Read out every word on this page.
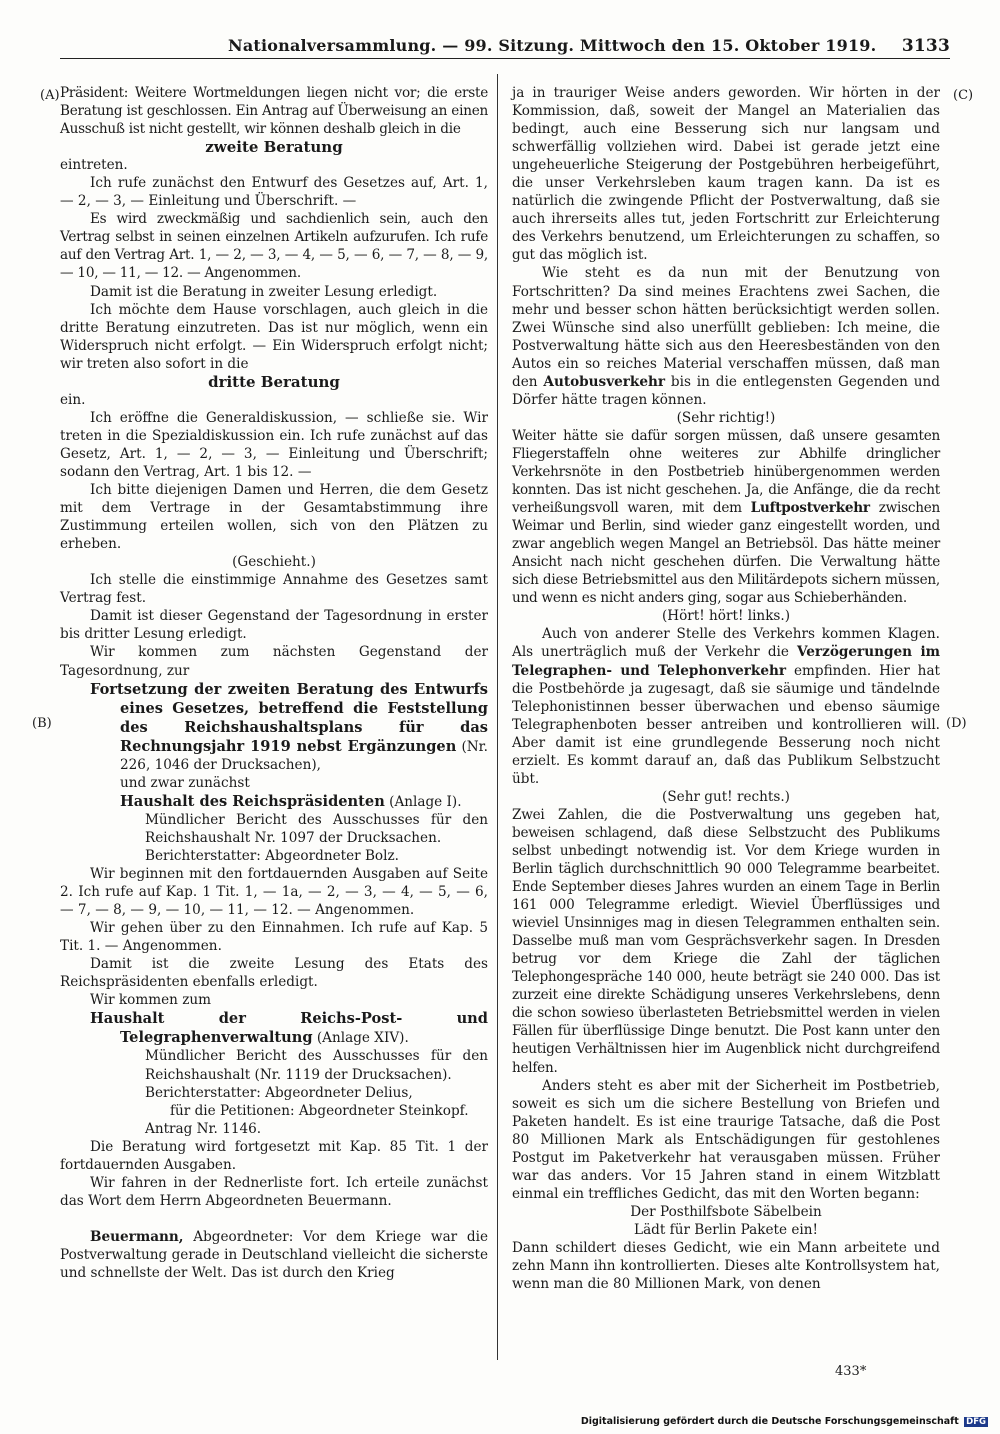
Nationalversammlung. — 99. Sitzung. Mittwoch den 15. Oktober 1919. 3133
(A)
(B)
(C)
(D)

Präsident: Weitere Wortmeldungen liegen nicht vor; die erste Beratung ist geschlossen. Ein Antrag auf Überweisung an einen Ausschuß ist nicht gestellt, wir können deshalb gleich in die

zweite Beratung

eintreten.

Ich rufe zunächst den Entwurf des Gesetzes auf, Art. 1, — 2, — 3, — Einleitung und Überschrift. —

Es wird zweckmäßig und sachdienlich sein, auch den Vertrag selbst in seinen einzelnen Artikeln aufzurufen. Ich rufe auf den Vertrag Art. 1, — 2, — 3, — 4, — 5, — 6, — 7, — 8, — 9, — 10, — 11, — 12. — Angenommen.

Damit ist die Beratung in zweiter Lesung erledigt.

Ich möchte dem Hause vorschlagen, auch gleich in die dritte Beratung einzutreten. Das ist nur möglich, wenn ein Widerspruch nicht erfolgt. — Ein Widerspruch erfolgt nicht; wir treten also sofort in die

dritte Beratung

ein.

Ich eröffne die Generaldiskussion, — schließe sie. Wir treten in die Spezialdiskussion ein. Ich rufe zunächst auf das Gesetz, Art. 1, — 2, — 3, — Einleitung und Überschrift; sodann den Vertrag, Art. 1 bis 12. —

Ich bitte diejenigen Damen und Herren, die dem Gesetz mit dem Vertrage in der Gesamtabstimmung ihre Zustimmung erteilen wollen, sich von den Plätzen zu erheben.

(Geschieht.)

Ich stelle die einstimmige Annahme des Gesetzes samt Vertrag fest.

Damit ist dieser Gegenstand der Tagesordnung in erster bis dritter Lesung erledigt.

Wir kommen zum nächsten Gegenstand der Tagesordnung, zur

Fortsetzung der zweiten Beratung des Entwurfs eines Gesetzes, betreffend die Feststellung des Reichshaushaltsplans für das Rechnungsjahr 1919 nebst Ergänzungen (Nr. 226, 1046 der Drucksachen),

und zwar zunächst

Haushalt des Reichspräsidenten (Anlage I).

Mündlicher Bericht des Ausschusses für den Reichshaushalt Nr. 1097 der Drucksachen.

Berichterstatter: Abgeordneter Bolz.

Wir beginnen mit den fortdauernden Ausgaben auf Seite 2. Ich rufe auf Kap. 1 Tit. 1, — 1a, — 2, — 3, — 4, — 5, — 6, — 7, — 8, — 9, — 10, — 11, — 12. — Angenommen.

Wir gehen über zu den Einnahmen. Ich rufe auf Kap. 5 Tit. 1. — Angenommen.

Damit ist die zweite Lesung des Etats des Reichspräsidenten ebenfalls erledigt.

Wir kommen zum

Haushalt der Reichs-Post- und Telegraphenverwaltung (Anlage XIV).

Mündlicher Bericht des Ausschusses für den Reichshaushalt (Nr. 1119 der Drucksachen).

Berichterstatter: Abgeordneter Delius,

für die Petitionen: Abgeordneter Steinkopf.

Antrag Nr. 1146.

Die Beratung wird fortgesetzt mit Kap. 85 Tit. 1 der fortdauernden Ausgaben.

Wir fahren in der Rednerliste fort. Ich erteile zunächst das Wort dem Herrn Abgeordneten Beuermann.

Beuermann, Abgeordneter: Vor dem Kriege war die Postverwaltung gerade in Deutschland vielleicht die sicherste und schnellste der Welt. Das ist durch den Krieg

ja in trauriger Weise anders geworden. Wir hörten in der Kommission, daß, soweit der Mangel an Materialien das bedingt, auch eine Besserung sich nur langsam und schwerfällig vollziehen wird. Dabei ist gerade jetzt eine ungeheuerliche Steigerung der Postgebühren herbeigeführt, die unser Verkehrsleben kaum tragen kann. Da ist es natürlich die zwingende Pflicht der Postverwaltung, daß sie auch ihrerseits alles tut, jeden Fortschritt zur Erleichterung des Verkehrs benutzend, um Erleichterungen zu schaffen, so gut das möglich ist.

Wie steht es da nun mit der Benutzung von Fortschritten? Da sind meines Erachtens zwei Sachen, die mehr und besser schon hätten berücksichtigt werden sollen. Zwei Wünsche sind also unerfüllt geblieben: Ich meine, die Postverwaltung hätte sich aus den Heeresbeständen von den Autos ein so reiches Material verschaffen müssen, daß man den Autobusverkehr bis in die entlegensten Gegenden und Dörfer hätte tragen können.

(Sehr richtig!)

Weiter hätte sie dafür sorgen müssen, daß unsere gesamten Fliegerstaffeln ohne weiteres zur Abhilfe dringlicher Verkehrsnöte in den Postbetrieb hinübergenommen werden konnten. Das ist nicht geschehen. Ja, die Anfänge, die da recht verheißungsvoll waren, mit dem Luftpostverkehr zwischen Weimar und Berlin, sind wieder ganz eingestellt worden, und zwar angeblich wegen Mangel an Betriebsöl. Das hätte meiner Ansicht nach nicht geschehen dürfen. Die Verwaltung hätte sich diese Betriebsmittel aus den Militärdepots sichern müssen, und wenn es nicht anders ging, sogar aus Schieberhänden.

(Hört! hört! links.)

Auch von anderer Stelle des Verkehrs kommen Klagen. Als unerträglich muß der Verkehr die Verzögerungen im Telegraphen- und Telephonverkehr empfinden. Hier hat die Postbehörde ja zugesagt, daß sie säumige und tändelnde Telephonistinnen besser überwachen und ebenso säumige Telegraphenboten besser antreiben und kontrollieren will. Aber damit ist eine grundlegende Besserung noch nicht erzielt. Es kommt darauf an, daß das Publikum Selbstzucht übt.

(Sehr gut! rechts.)

Zwei Zahlen, die die Postverwaltung uns gegeben hat, beweisen schlagend, daß diese Selbstzucht des Publikums selbst unbedingt notwendig ist. Vor dem Kriege wurden in Berlin täglich durchschnittlich 90 000 Telegramme bearbeitet. Ende September dieses Jahres wurden an einem Tage in Berlin 161 000 Telegramme erledigt. Wieviel Überflüssiges und wieviel Unsinniges mag in diesen Telegrammen enthalten sein. Dasselbe muß man vom Gesprächsverkehr sagen. In Dresden betrug vor dem Kriege die Zahl der täglichen Telephongespräche 140 000, heute beträgt sie 240 000. Das ist zurzeit eine direkte Schädigung unseres Verkehrslebens, denn die schon sowieso überlasteten Betriebsmittel werden in vielen Fällen für überflüssige Dinge benutzt. Die Post kann unter den heutigen Verhältnissen hier im Augenblick nicht durchgreifend helfen.

Anders steht es aber mit der Sicherheit im Postbetrieb, soweit es sich um die sichere Bestellung von Briefen und Paketen handelt. Es ist eine traurige Tatsache, daß die Post 80 Millionen Mark als Entschädigungen für gestohlenes Postgut im Paketverkehr hat verausgaben müssen. Früher war das anders. Vor 15 Jahren stand in einem Witzblatt einmal ein treffliches Gedicht, das mit den Worten begann:

Der Posthilfsbote Säbelbein

Lädt für Berlin Pakete ein!

Dann schildert dieses Gedicht, wie ein Mann arbeitete und zehn Mann ihn kontrollierten. Dieses alte Kontrollsystem hat, wenn man die 80 Millionen Mark, von denen

433*
Digitalisierung gefördert durch die Deutsche Forschungsgemeinschaft DFG
